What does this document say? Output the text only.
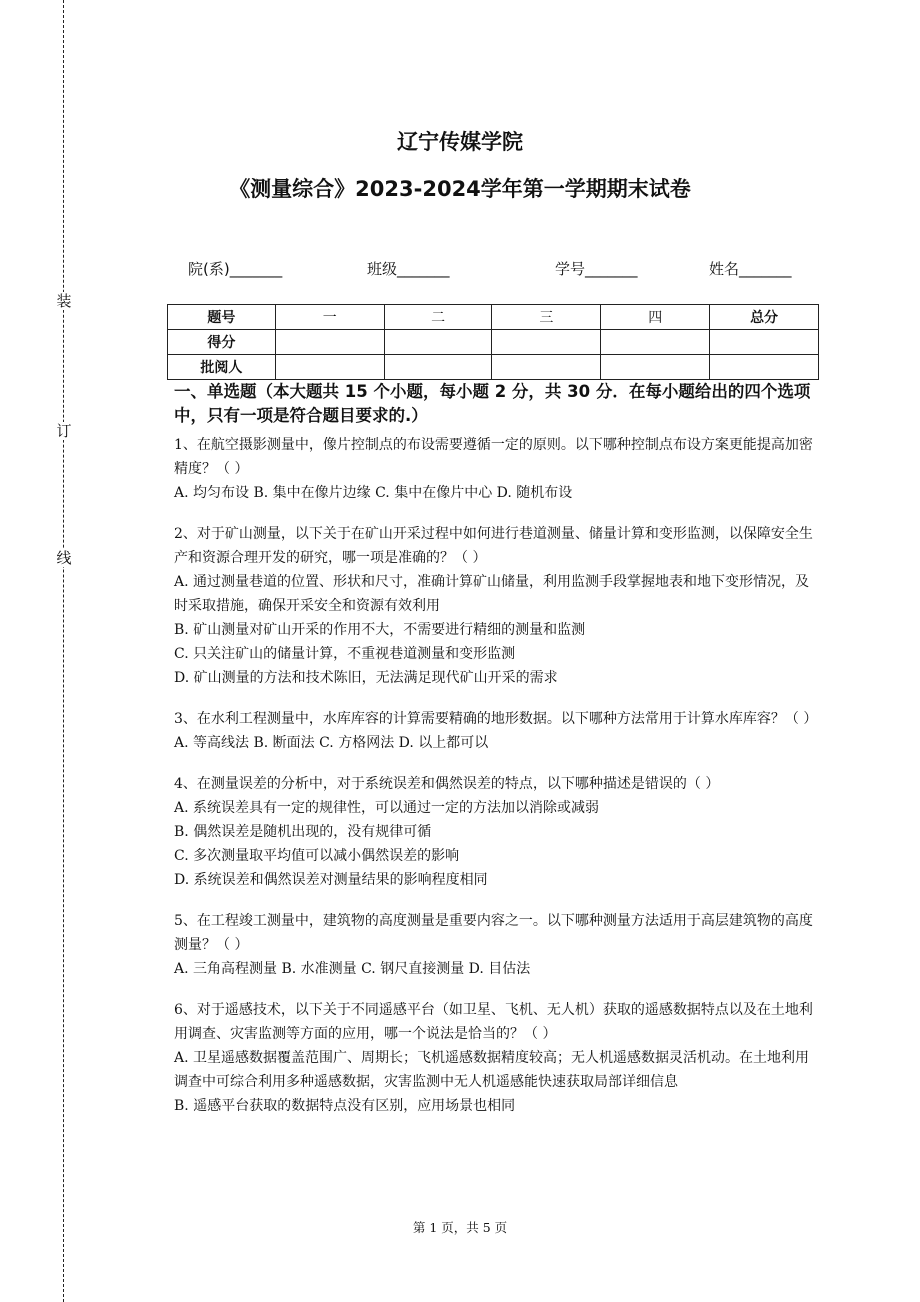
装
订
线
辽宁传媒学院
《测量综合》2023-2024学年第一学期期末试卷
院(系)_______	班级_______	学号_______	姓名_______
题号	一	二	三	四	总分
得分					
批阅人					
一、单选题（本大题共 15 个小题，每小题 2 分，共 30 分．在每小题给出的四个选项中，只有一项是符合题目要求的.）
1、在航空摄影测量中，像片控制点的布设需要遵循一定的原则。以下哪种控制点布设方案更能提高加密精度？（ ）
A. 均匀布设 B. 集中在像片边缘 C. 集中在像片中心 D. 随机布设
2、对于矿山测量，以下关于在矿山开采过程中如何进行巷道测量、储量计算和变形监测，以保障安全生产和资源合理开发的研究，哪一项是准确的？（ ）
A. 通过测量巷道的位置、形状和尺寸，准确计算矿山储量，利用监测手段掌握地表和地下变形情况，及时采取措施，确保开采安全和资源有效利用
B. 矿山测量对矿山开采的作用不大，不需要进行精细的测量和监测
C. 只关注矿山的储量计算，不重视巷道测量和变形监测
D. 矿山测量的方法和技术陈旧，无法满足现代矿山开采的需求
3、在水利工程测量中，水库库容的计算需要精确的地形数据。以下哪种方法常用于计算水库库容？（ ）
A. 等高线法 B. 断面法 C. 方格网法 D. 以上都可以
4、在测量误差的分析中，对于系统误差和偶然误差的特点，以下哪种描述是错误的（ ）
A. 系统误差具有一定的规律性，可以通过一定的方法加以消除或减弱
B. 偶然误差是随机出现的，没有规律可循
C. 多次测量取平均值可以减小偶然误差的影响
D. 系统误差和偶然误差对测量结果的影响程度相同
5、在工程竣工测量中，建筑物的高度测量是重要内容之一。以下哪种测量方法适用于高层建筑物的高度测量？（ ）
A. 三角高程测量 B. 水准测量 C. 钢尺直接测量 D. 目估法
6、对于遥感技术，以下关于不同遥感平台（如卫星、飞机、无人机）获取的遥感数据特点以及在土地利用调查、灾害监测等方面的应用，哪一个说法是恰当的？（ ）
A. 卫星遥感数据覆盖范围广、周期长；飞机遥感数据精度较高；无人机遥感数据灵活机动。在土地利用调查中可综合利用多种遥感数据，灾害监测中无人机遥感能快速获取局部详细信息
B. 遥感平台获取的数据特点没有区别，应用场景也相同
第 1 页，共 5 页
